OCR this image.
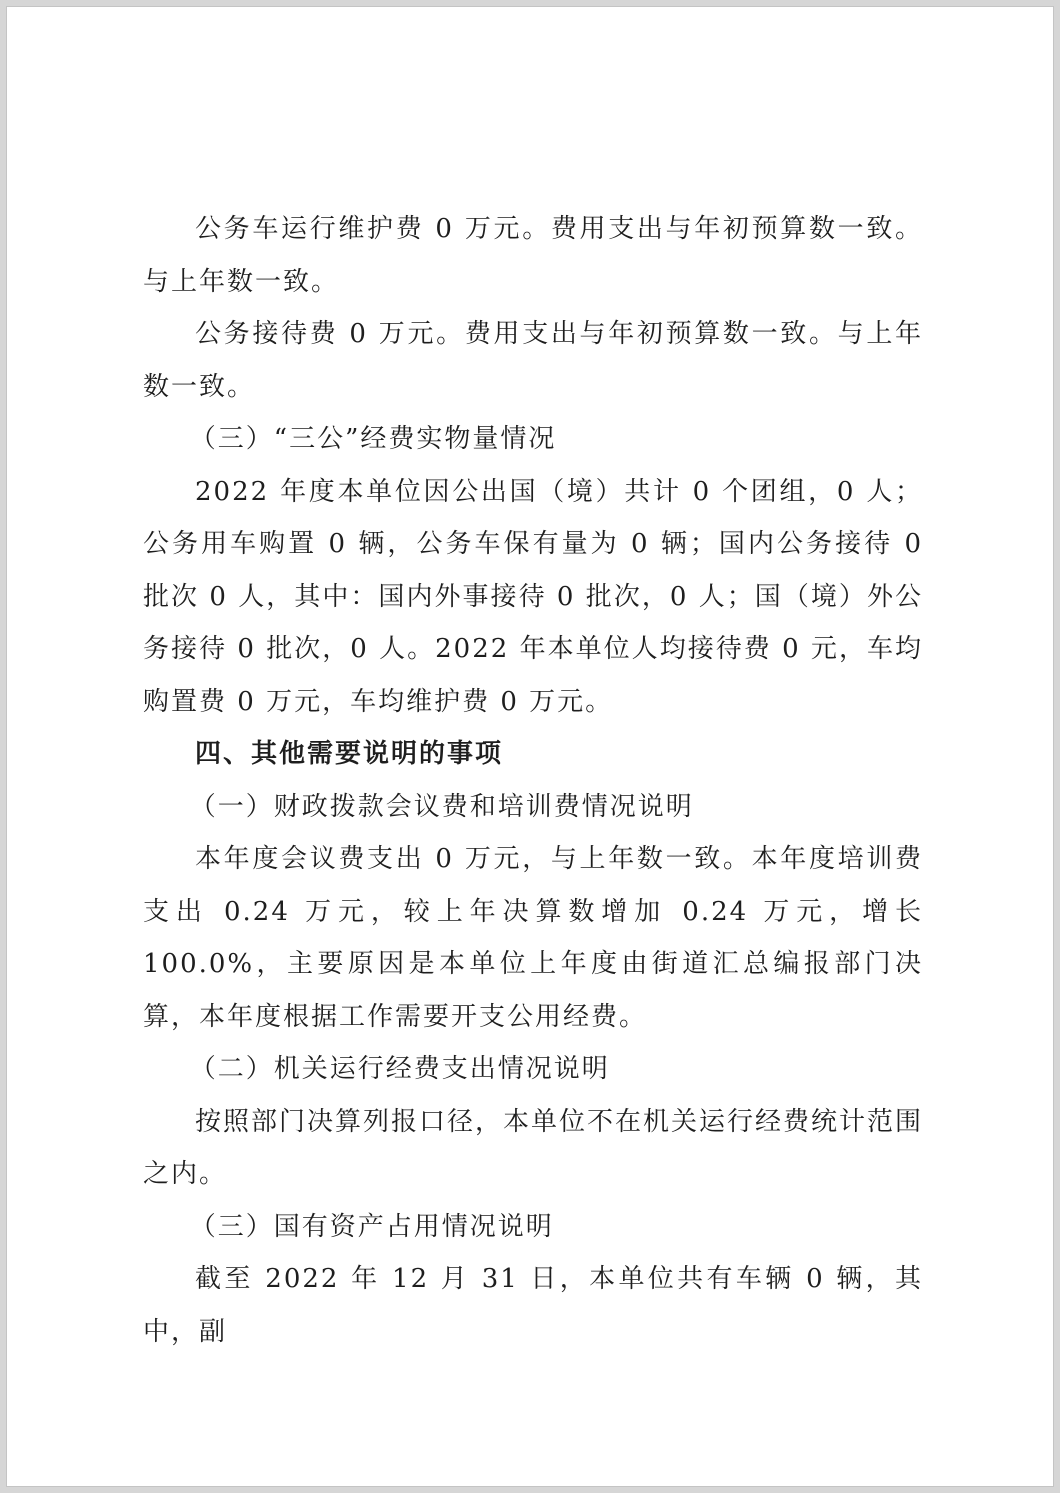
公务车运行维护费 0 万元。费用支出与年初预算数一致。与上年数一致。

公务接待费 0 万元。费用支出与年初预算数一致。与上年数一致。

（三）“三公”经费实物量情况

2022 年度本单位因公出国（境）共计 0 个团组，0 人；公务用车购置 0 辆，公务车保有量为 0 辆；国内公务接待 0 批次 0 人，其中：国内外事接待 0 批次，0 人；国（境）外公务接待 0 批次，0 人。2022 年本单位人均接待费 0 元，车均购置费 0 万元，车均维护费 0 万元。

四、其他需要说明的事项

（一）财政拨款会议费和培训费情况说明

本年度会议费支出 0 万元，与上年数一致。本年度培训费支出 0.24 万元，较上年决算数增加 0.24 万元，增长 100.0%，主要原因是本单位上年度由街道汇总编报部门决算，本年度根据工作需要开支公用经费。

（二）机关运行经费支出情况说明

按照部门决算列报口径，本单位不在机关运行经费统计范围之内。

（三）国有资产占用情况说明

截至 2022 年 12 月 31 日，本单位共有车辆 0 辆，其中，副
